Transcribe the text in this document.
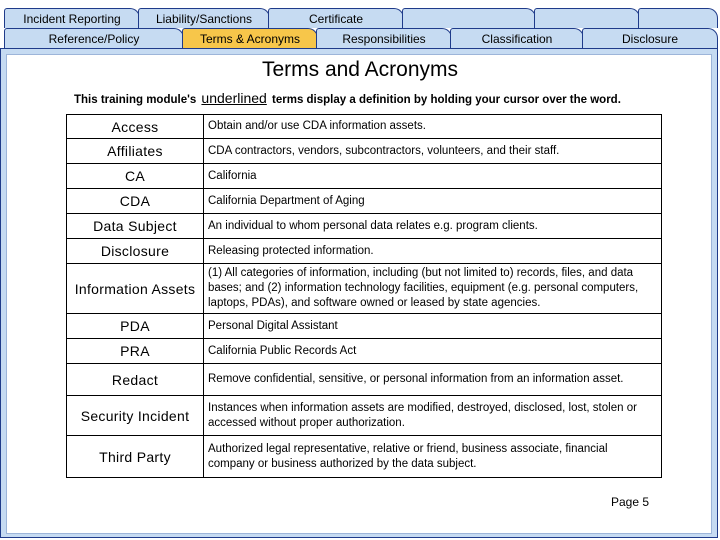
Incident Reporting	Liability/Sanctions	Certificate
Reference/Policy	Terms & Acronyms	Responsibilities	Classification	Disclosure
Terms and Acronyms
This training module's underlined terms display a definition by holding your cursor over the word.
Access	Obtain and/or use CDA information assets.
Affiliates	CDA contractors, vendors, subcontractors, volunteers, and their staff.
CA	California
CDA	California Department of Aging
Data Subject	An individual to whom personal data relates e.g. program clients.
Disclosure	Releasing protected information.
Information Assets	(1) All categories of information, including (but not limited to) records, files, and data bases; and (2) information technology facilities, equipment (e.g. personal computers, laptops, PDAs), and software owned or leased by state agencies.
PDA	Personal Digital Assistant
PRA	California Public Records Act
Redact	Remove confidential, sensitive, or personal information from an information asset.
Security Incident	Instances when information assets are modified, destroyed, disclosed, lost, stolen or accessed without proper authorization.
Third Party	Authorized legal representative, relative or friend, business associate, financial company or business authorized by the data subject.
Page 5
